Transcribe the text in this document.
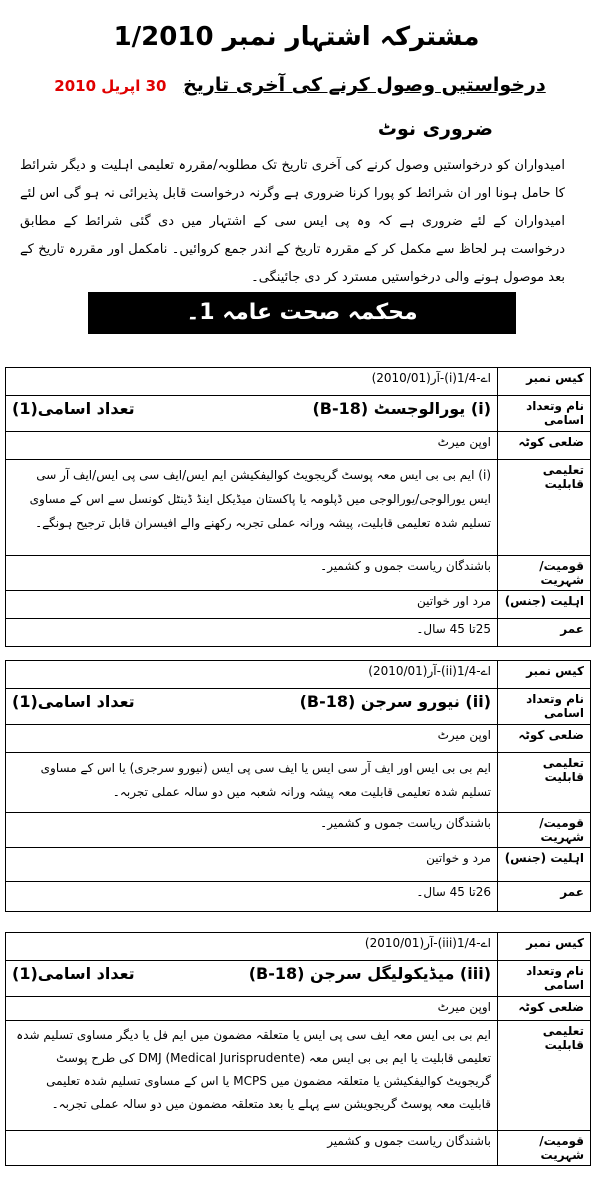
مشترکہ اشتہار نمبر 1/2010
درخواستیں وصول کرنے کی آخری تاریخ 30 اپریل 2010
ضروری نوٹ
امیدواران کو درخواستیں وصول کرنے کی آخری تاریخ تک مطلوبہ/مقررہ تعلیمی اہلیت و دیگر شرائط کا حامل ہونا اور ان شرائط کو پورا کرنا ضروری ہے وگرنہ درخواست قابل پذیرائی نہ ہو گی اس لئے امیدواران کے لئے ضروری ہے کہ وہ پی ایس سی کے اشتہار میں دی گئی شرائط کے مطابق درخواست ہر لحاظ سے مکمل کر کے مقررہ تاریخ کے اندر جمع کروائیں۔ نامکمل اور مقررہ تاریخ کے بعد موصول ہونے والی درخواستیں مسترد کر دی جائینگی۔
محکمہ صحت عامہ 1۔
کیس نمبر	اے-1/4(i)-آر(2010/01)
نام وتعداد اسامی	(i) یورالوجسٹ (B-18)
تعداد اسامی(1)

ضلعی کوٹہ	اوپن میرٹ
تعلیمی قابلیت	(i) ایم بی بی ایس معہ پوسٹ گریجویٹ کوالیفکیشن ایم ایس/ایف سی پی ایس/ایف آر سی ایس یورالوجی/یورالوجی میں ڈپلومہ یا پاکستان میڈیکل اینڈ ڈینٹل کونسل سے اس کے مساوی تسلیم شدہ تعلیمی قابلیت، پیشہ ورانہ عملی تجربہ رکھنے والے افیسران قابل ترجیح ہونگے۔
قومیت/شہریت	باشندگان ریاست جموں و کشمیر۔
اہلیت (جنس)	مرد اور خواتین
عمر	25تا 45 سال۔
کیس نمبر	اے-1/4(ii)-آر(2010/01)
نام وتعداد اسامی	(ii) نیورو سرجن (B-18)
تعداد اسامی(1)

ضلعی کوٹہ	اوپن میرٹ
تعلیمی قابلیت	ایم بی بی ایس اور ایف آر سی ایس یا ایف سی پی ایس (نیورو سرجری) یا اس کے مساوی تسلیم شدہ تعلیمی قابلیت معہ پیشہ ورانہ شعبہ میں دو سالہ عملی تجربہ۔
قومیت/شہریت	باشندگان ریاست جموں و کشمیر۔
اہلیت (جنس)	مرد و خواتین
عمر	26تا 45 سال۔
کیس نمبر	اے-1/4(iii)-آر(2010/01)
نام وتعداد اسامی	(iii) میڈیکولیگل سرجن (B-18)
تعداد اسامی(1)

ضلعی کوٹہ	اوپن میرٹ
تعلیمی قابلیت	ایم بی بی ایس معہ ایف سی پی ایس یا متعلقہ مضمون میں ایم فل یا دیگر مساوی تسلیم شدہ تعلیمی قابلیت یا ایم بی بی ایس معہ DMJ (Medical Jurisprudente) کی طرح پوسٹ گریجویٹ کوالیفکیشن یا متعلقہ مضمون میں MCPS یا اس کے مساوی تسلیم شدہ تعلیمی قابلیت معہ پوسٹ گریجویشن سے پہلے یا بعد متعلقہ مضمون میں دو سالہ عملی تجربہ۔
قومیت/شہریت	باشندگان ریاست جموں و کشمیر
